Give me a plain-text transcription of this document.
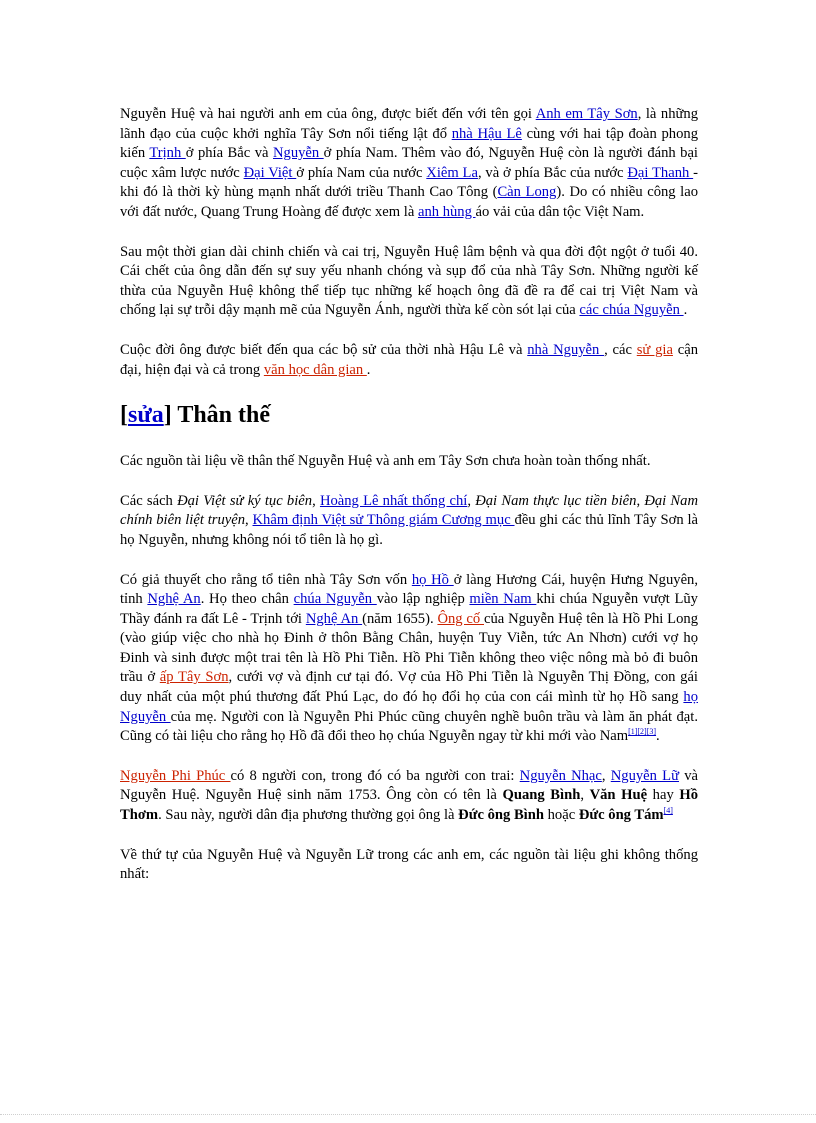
Nguyễn Huệ và hai người anh em của ông, được biết đến với tên gọi Anh em Tây Sơn, là những lãnh đạo của cuộc khởi nghĩa Tây Sơn nổi tiếng lật đổ nhà Hậu Lê cùng với hai tập đoàn phong kiến Trịnh ở phía Bắc và Nguyễn ở phía Nam. Thêm vào đó, Nguyễn Huệ còn là người đánh bại cuộc xâm lược nước Đại Việt ở phía Nam của nước Xiêm La, và ở phía Bắc của nước Đại Thanh - khi đó là thời kỳ hùng mạnh nhất dưới triều Thanh Cao Tông (Càn Long). Do có nhiều công lao với đất nước, Quang Trung Hoàng đế được xem là anh hùng áo vải của dân tộc Việt Nam.

Sau một thời gian dài chinh chiến và cai trị, Nguyễn Huệ lâm bệnh và qua đời đột ngột ở tuổi 40. Cái chết của ông dẫn đến sự suy yếu nhanh chóng và sụp đổ của nhà Tây Sơn. Những người kế thừa của Nguyễn Huệ không thể tiếp tục những kế hoạch ông đã đề ra để cai trị Việt Nam và chống lại sự trỗi dậy mạnh mẽ của Nguyễn Ánh, người thừa kế còn sót lại của các chúa Nguyễn .

Cuộc đời ông được biết đến qua các bộ sử của thời nhà Hậu Lê và nhà Nguyễn , các sử gia cận đại, hiện đại và cả trong văn học dân gian .

[sửa] Thân thế

Các nguồn tài liệu về thân thế Nguyễn Huệ và anh em Tây Sơn chưa hoàn toàn thống nhất.

Các sách Đại Việt sử ký tục biên, Hoàng Lê nhất thống chí, Đại Nam thực lục tiền biên, Đại Nam chính biên liệt truyện, Khâm định Việt sử Thông giám Cương mục đều ghi các thủ lĩnh Tây Sơn là họ Nguyễn, nhưng không nói tổ tiên là họ gì.

Có giả thuyết cho rằng tổ tiên nhà Tây Sơn vốn họ Hồ ở làng Hương Cái, huyện Hưng Nguyên, tỉnh Nghệ An. Họ theo chân chúa Nguyễn vào lập nghiệp miền Nam khi chúa Nguyễn vượt Lũy Thầy đánh ra đất Lê - Trịnh tới Nghệ An (năm 1655). Ông cố của Nguyễn Huệ tên là Hồ Phi Long (vào giúp việc cho nhà họ Đinh ở thôn Bằng Chân, huyện Tuy Viễn, tức An Nhơn) cưới vợ họ Đinh và sinh được một trai tên là Hồ Phi Tiễn. Hồ Phi Tiễn không theo việc nông mà bỏ đi buôn trầu ở ấp Tây Sơn, cưới vợ và định cư tại đó. Vợ của Hồ Phi Tiễn là Nguyễn Thị Đồng, con gái duy nhất của một phú thương đất Phú Lạc, do đó họ đổi họ của con cái mình từ họ Hồ sang họ Nguyễn của mẹ. Người con là Nguyễn Phi Phúc cũng chuyên nghề buôn trầu và làm ăn phát đạt. Cũng có tài liệu cho rằng họ Hồ đã đổi theo họ chúa Nguyễn ngay từ khi mới vào Nam[1][2][3].

Nguyễn Phi Phúc có 8 người con, trong đó có ba người con trai: Nguyễn Nhạc, Nguyễn Lữ và Nguyễn Huệ. Nguyễn Huệ sinh năm 1753. Ông còn có tên là Quang Bình, Văn Huệ hay Hồ Thơm. Sau này, người dân địa phương thường gọi ông là Đức ông Bình hoặc Đức ông Tám[4]

Về thứ tự của Nguyễn Huệ và Nguyễn Lữ trong các anh em, các nguồn tài liệu ghi không thống nhất:
